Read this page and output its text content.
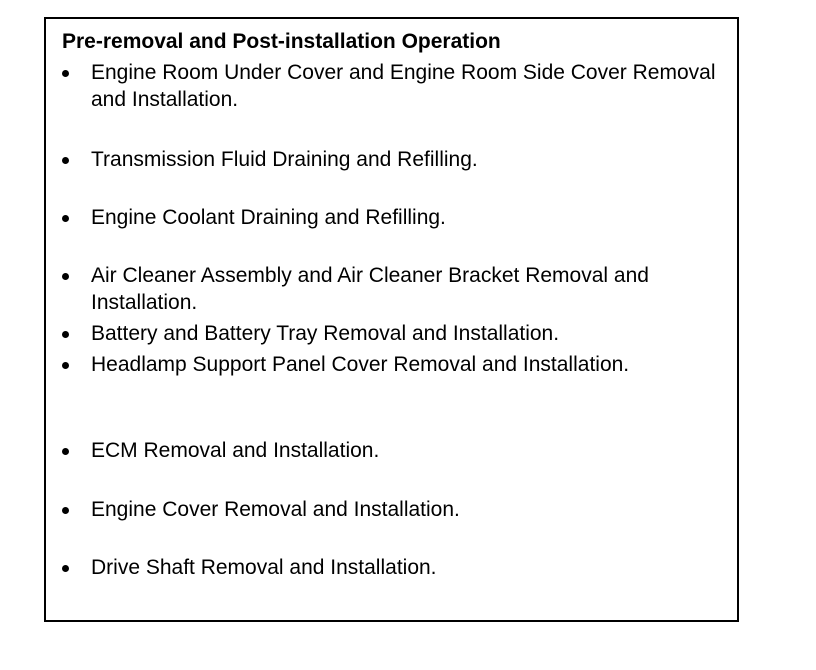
Pre-removal and Post-installation Operation
Engine Room Under Cover and Engine Room Side Cover Removal and Installation.
Transmission Fluid Draining and Refilling.
Engine Coolant Draining and Refilling.
Air Cleaner Assembly and Air Cleaner Bracket Removal and Installation.
Battery and Battery Tray Removal and Installation.
Headlamp Support Panel Cover Removal and Installation.
ECM Removal and Installation.
Engine Cover Removal and Installation.
Drive Shaft Removal and Installation.
